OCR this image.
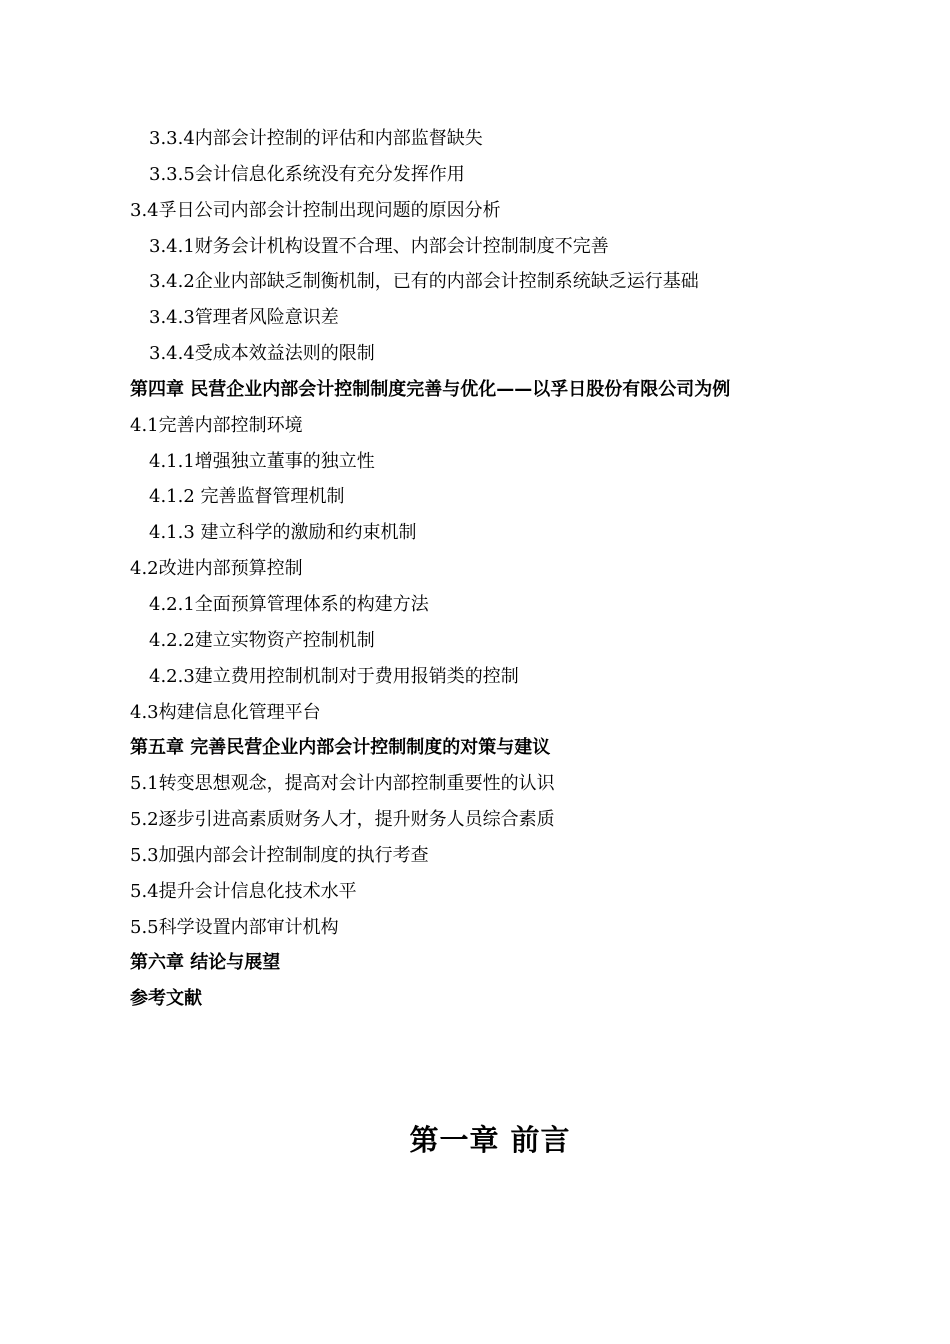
3.3.4内部会计控制的评估和内部监督缺失
3.3.5会计信息化系统没有充分发挥作用
3.4孚日公司内部会计控制出现问题的原因分析
3.4.1财务会计机构设置不合理、内部会计控制制度不完善
3.4.2企业内部缺乏制衡机制，已有的内部会计控制系统缺乏运行基础
3.4.3管理者风险意识差
3.4.4受成本效益法则的限制
第四章 民营企业内部会计控制制度完善与优化——以孚日股份有限公司为例
4.1完善内部控制环境
4.1.1增强独立董事的独立性
4.1.2 完善监督管理机制
4.1.3 建立科学的激励和约束机制
4.2改进内部预算控制
4.2.1全面预算管理体系的构建方法
4.2.2建立实物资产控制机制
4.2.3建立费用控制机制对于费用报销类的控制
4.3构建信息化管理平台
第五章 完善民营企业内部会计控制制度的对策与建议
5.1转变思想观念，提高对会计内部控制重要性的认识
5.2逐步引进高素质财务人才，提升财务人员综合素质
5.3加强内部会计控制制度的执行考查
5.4提升会计信息化技术水平
5.5科学设置内部审计机构
第六章 结论与展望
参考文献
第一章 前言
